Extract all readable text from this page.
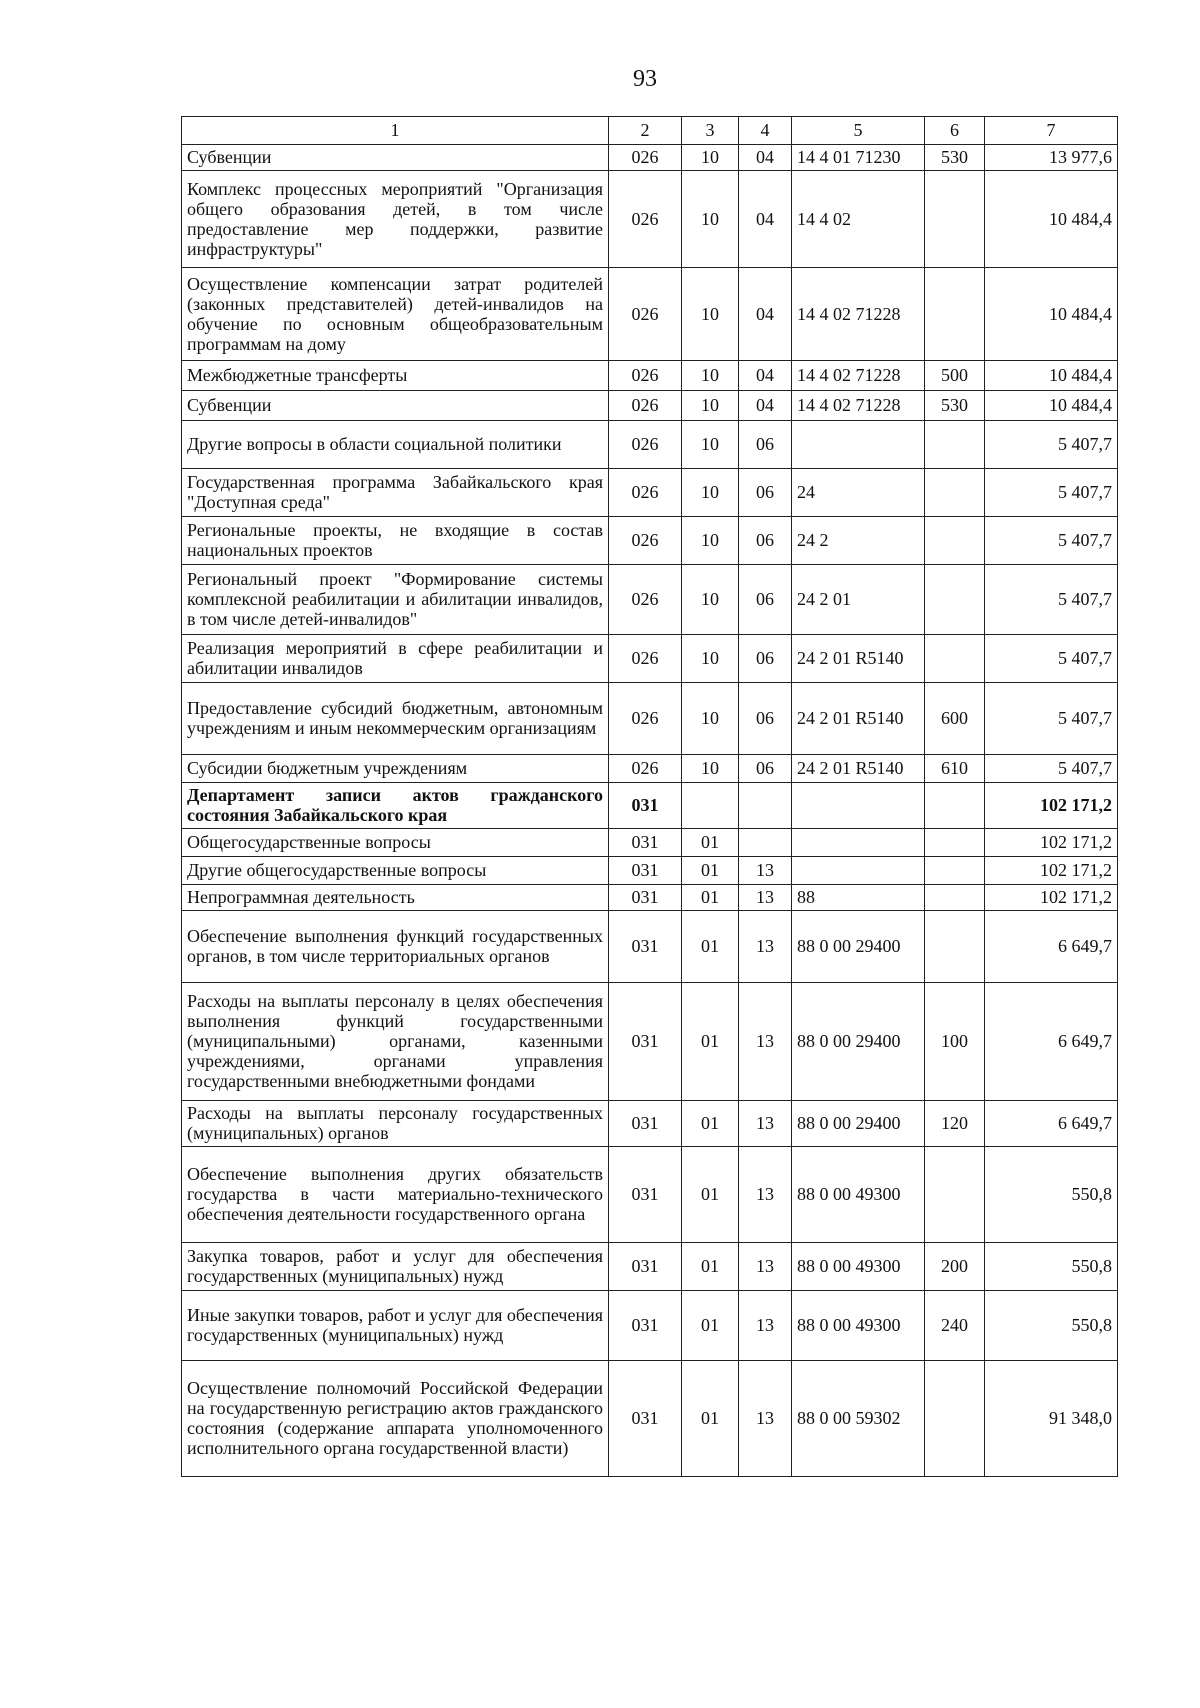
93
1	2	3	4	5	6	7
Субвенции	026	10	04	14 4 01 71230	530	13 977,6
Комплекс процессных мероприятий "Организация общего образования детей, в том числе предоставление мер поддержки, развитие инфраструктуры"	026	10	04	14 4 02		10 484,4
Осуществление компенсации затрат родителей (законных представителей) детей-инвалидов на обучение по основным общеобразовательным программам на дому	026	10	04	14 4 02 71228		10 484,4
Межбюджетные трансферты	026	10	04	14 4 02 71228	500	10 484,4
Субвенции	026	10	04	14 4 02 71228	530	10 484,4
Другие вопросы в области социальной политики	026	10	06			5 407,7
Государственная программа Забайкальского края "Доступная среда"	026	10	06	24		5 407,7
Региональные проекты, не входящие в состав национальных проектов	026	10	06	24 2		5 407,7
Региональный проект "Формирование системы комплексной реабилитации и абилитации инвалидов, в том числе детей-инвалидов"	026	10	06	24 2 01		5 407,7
Реализация мероприятий в сфере реабилитации и абилитации инвалидов	026	10	06	24 2 01 R5140		5 407,7
Предоставление субсидий бюджетным, автономным учреждениям и иным некоммерческим организациям	026	10	06	24 2 01 R5140	600	5 407,7
Субсидии бюджетным учреждениям	026	10	06	24 2 01 R5140	610	5 407,7
Департамент записи актов гражданского состояния Забайкальского края	031					102 171,2
Общегосударственные вопросы	031	01				102 171,2
Другие общегосударственные вопросы	031	01	13			102 171,2
Непрограммная деятельность	031	01	13	88		102 171,2
Обеспечение выполнения функций государственных органов, в том числе территориальных органов	031	01	13	88 0 00 29400		6 649,7
Расходы на выплаты персоналу в целях обеспечения выполнения функций государственными (муниципальными) органами, казенными учреждениями, органами управления государственными внебюджетными фондами	031	01	13	88 0 00 29400	100	6 649,7
Расходы на выплаты персоналу государственных (муниципальных) органов	031	01	13	88 0 00 29400	120	6 649,7
Обеспечение выполнения других обязательств государства в части материально-технического обеспечения деятельности государственного органа	031	01	13	88 0 00 49300		550,8
Закупка товаров, работ и услуг для обеспечения государственных (муниципальных) нужд	031	01	13	88 0 00 49300	200	550,8
Иные закупки товаров, работ и услуг для обеспечения государственных (муниципальных) нужд	031	01	13	88 0 00 49300	240	550,8
Осуществление полномочий Российской Федерации на государственную регистрацию актов гражданского состояния (содержание аппарата уполномоченного исполнительного органа государственной власти)	031	01	13	88 0 00 59302		91 348,0
